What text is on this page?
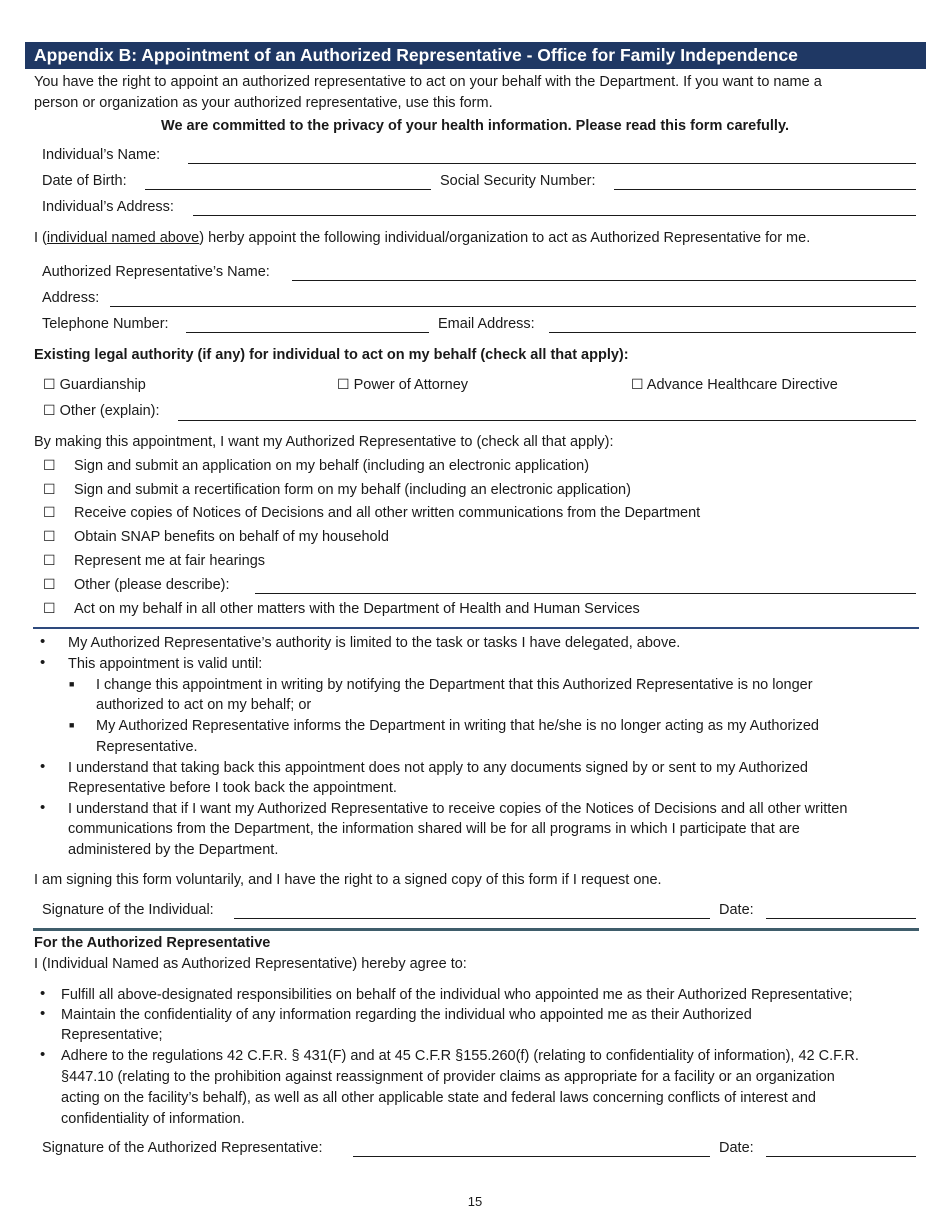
Appendix B: Appointment of an Authorized Representative - Office for Family Independence
You have the right to appoint an authorized representative to act on your behalf with the Department. If you want to name a
person or organization as your authorized representative, use this form.
We are committed to the privacy of your health information. Please read this form carefully.
Individual’s Name:
Date of Birth:	Social Security Number:
Individual’s Address:
I (individual named above) herby appoint the following individual/organization to act as Authorized Representative for me.
Authorized Representative’s Name:
Address:
Telephone Number:	Email Address:
Existing legal authority (if any) for individual to act on my behalf (check all that apply):
☐ Guardianship	☐ Power of Attorney	☐ Advance Healthcare Directive
☐ Other (explain):
By making this appointment, I want my Authorized Representative to (check all that apply):
☐ Sign and submit an application on my behalf (including an electronic application)
☐ Sign and submit a recertification form on my behalf (including an electronic application)
☐ Receive copies of Notices of Decisions and all other written communications from the Department
☐ Obtain SNAP benefits on behalf of my household
☐ Represent me at fair hearings
☐ Other (please describe):
☐ Act on my behalf in all other matters with the Department of Health and Human Services
• My Authorized Representative’s authority is limited to the task or tasks I have delegated, above.
• This appointment is valid until:
■ I change this appointment in writing by notifying the Department that this Authorized Representative is no longer
authorized to act on my behalf; or
■ My Authorized Representative informs the Department in writing that he/she is no longer acting as my Authorized
Representative.
• I understand that taking back this appointment does not apply to any documents signed by or sent to my Authorized
Representative before I took back the appointment.
• I understand that if I want my Authorized Representative to receive copies of the Notices of Decisions and all other written
communications from the Department, the information shared will be for all programs in which I participate that are
administered by the Department.
I am signing this form voluntarily, and I have the right to a signed copy of this form if I request one.
Signature of the Individual:	Date:
For the Authorized Representative
I (Individual Named as Authorized Representative) hereby agree to:
• Fulfill all above-designated responsibilities on behalf of the individual who appointed me as their Authorized Representative;
• Maintain the confidentiality of any information regarding the individual who appointed me as their Authorized
Representative;
• Adhere to the regulations 42 C.F.R. § 431(F) and at 45 C.F.R §155.260(f) (relating to confidentiality of information), 42 C.F.R.
§447.10 (relating to the prohibition against reassignment of provider claims as appropriate for a facility or an organization
acting on the facility’s behalf), as well as all other applicable state and federal laws concerning conflicts of interest and
confidentiality of information.
Signature of the Authorized Representative:	Date:
15
